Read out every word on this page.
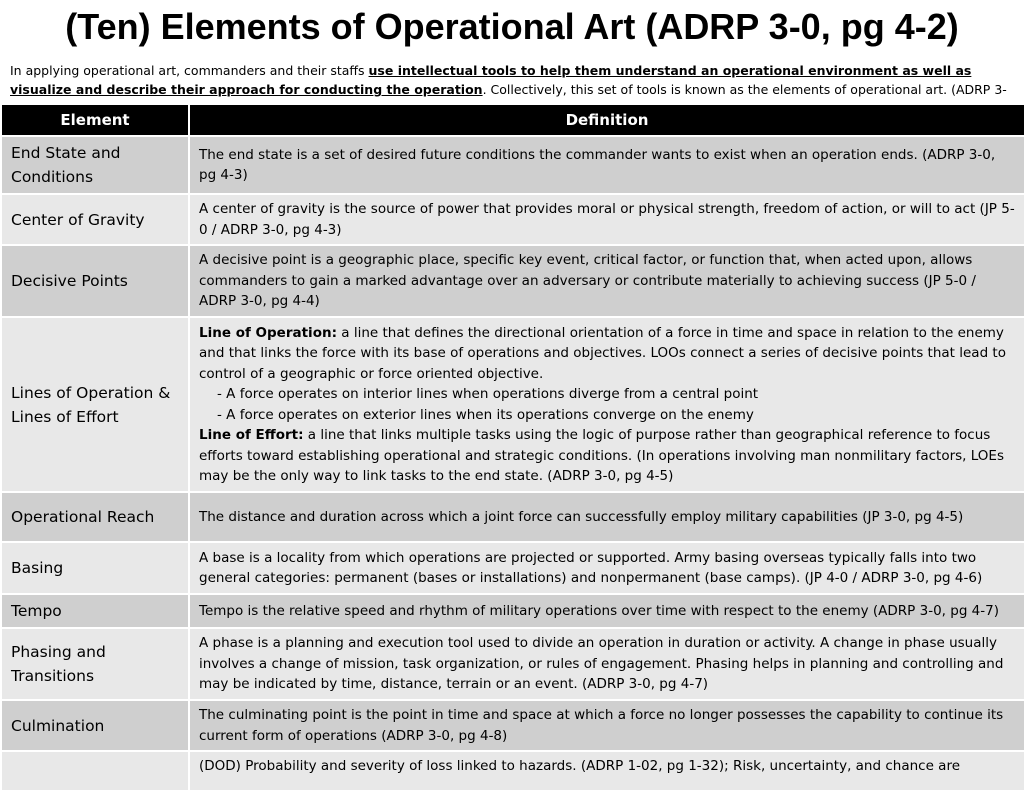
(Ten) Elements of Operational Art (ADRP 3-0, pg 4-2)
In applying operational art, commanders and their staffs use intellectual tools to help them understand an operational environment as well as visualize and describe their approach for conducting the operation. Collectively, this set of tools is known as the elements of operational art. (ADRP 3-
Element	Definition
End State and Conditions	The end state is a set of desired future conditions the commander wants to exist when an operation ends. (ADRP 3-0, pg 4-3)
Center of Gravity	A center of gravity is the source of power that provides moral or physical strength, freedom of action, or will to act (JP 5-0 / ADRP 3-0, pg 4-3)
Decisive Points	A decisive point is a geographic place, specific key event, critical factor, or function that, when acted upon, allows commanders to gain a marked advantage over an adversary or contribute materially to achieving success (JP 5-0 / ADRP 3-0, pg 4-4)
Lines of Operation & Lines of Effort	Line of Operation: a line that defines the directional orientation of a force in time and space in relation to the enemy and that links the force with its base of operations and objectives. LOOs connect a series of decisive points that lead to control of a geographic or force oriented objective.
- A force operates on interior lines when operations diverge from a central point
- A force operates on exterior lines when its operations converge on the enemy
Line of Effort: a line that links multiple tasks using the logic of purpose rather than geographical reference to focus efforts toward establishing operational and strategic conditions. (In operations involving man nonmilitary factors, LOEs may be the only way to link tasks to the end state. (ADRP 3-0, pg 4-5)

Operational Reach	The distance and duration across which a joint force can successfully employ military capabilities (JP 3-0, pg 4-5)
Basing	A base is a locality from which operations are projected or supported. Army basing overseas typically falls into two general categories: permanent (bases or installations) and nonpermanent (base camps). (JP 4-0 / ADRP 3-0, pg 4-6)
Tempo	Tempo is the relative speed and rhythm of military operations over time with respect to the enemy (ADRP 3-0, pg 4-7)
Phasing and Transitions	A phase is a planning and execution tool used to divide an operation in duration or activity. A change in phase usually involves a change of mission, task organization, or rules of engagement. Phasing helps in planning and controlling and may be indicated by time, distance, terrain or an event. (ADRP 3-0, pg 4-7)
Culmination	The culminating point is the point in time and space at which a force no longer possesses the capability to continue its current form of operations (ADRP 3-0, pg 4-8)
	(DOD) Probability and severity of loss linked to hazards. (ADRP 1-02, pg 1-32); Risk, uncertainty, and chance are
